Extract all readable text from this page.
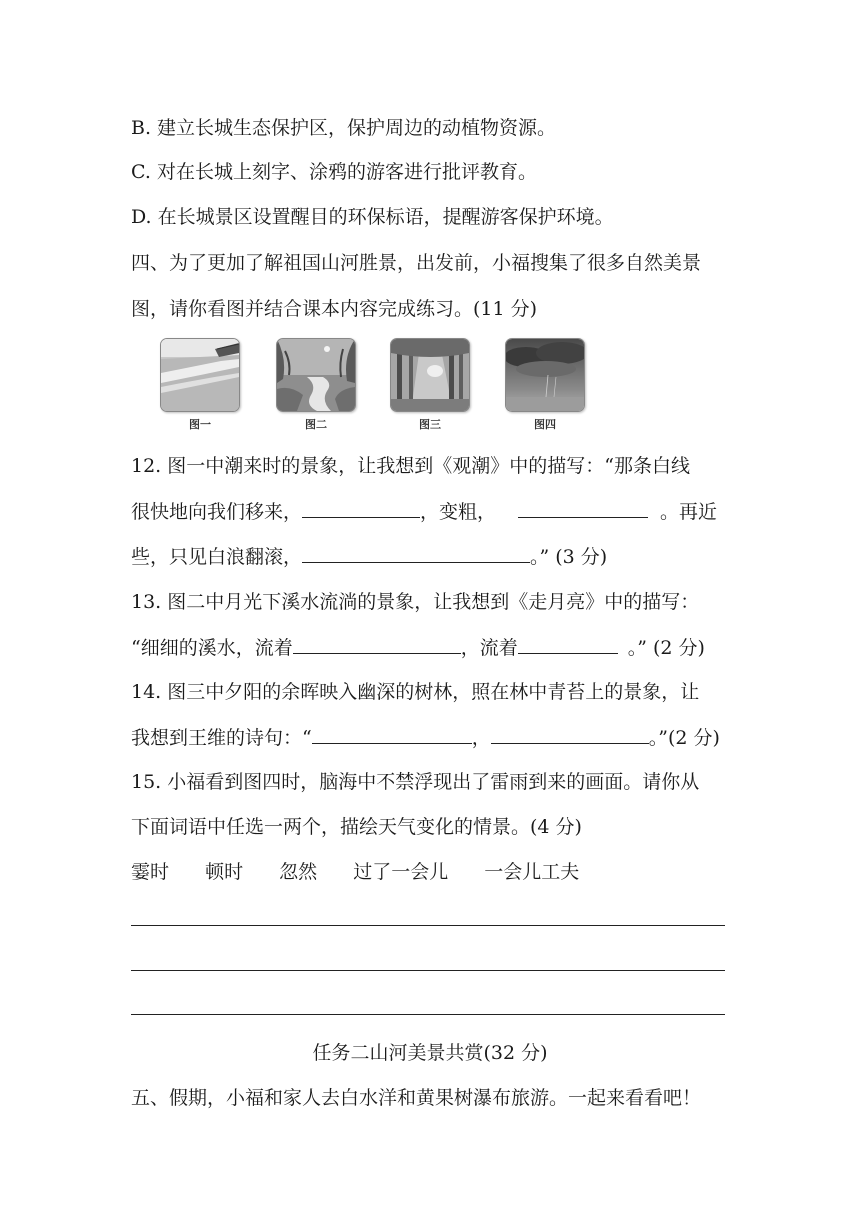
B. 建立长城生态保护区，保护周边的动植物资源。
C. 对在长城上刻字、涂鸦的游客进行批评教育。
D. 在长城景区设置醒目的环保标语，提醒游客保护环境。
四、为了更加了解祖国山河胜景，出发前，小福搜集了很多自然美景
图，请你看图并结合课本内容完成练习。(11 分)
图一	图二	图三	图四
12. 图一中潮来时的景象，让我想到《观潮》中的描写：“那条白线
很快地向我们移来，	，变粗，	。再近
些，只见白浪翻滚，	。” (3 分)
13. 图二中月光下溪水流淌的景象，让我想到《走月亮》中的描写：
“细细的溪水，流着	，流着	。” (2 分)
14. 图三中夕阳的余晖映入幽深的树林，照在林中青苔上的景象，让
我想到王维的诗句：“	，	。”(2 分)
15. 小福看到图四时，脑海中不禁浮现出了雷雨到来的画面。请你从
下面词语中任选一两个，描绘天气变化的情景。(4 分)
霎时 顿时 忽然 过了一会儿 一会儿工夫
任务二山河美景共赏(32 分)
五、假期，小福和家人去白水洋和黄果树瀑布旅游。一起来看看吧！
